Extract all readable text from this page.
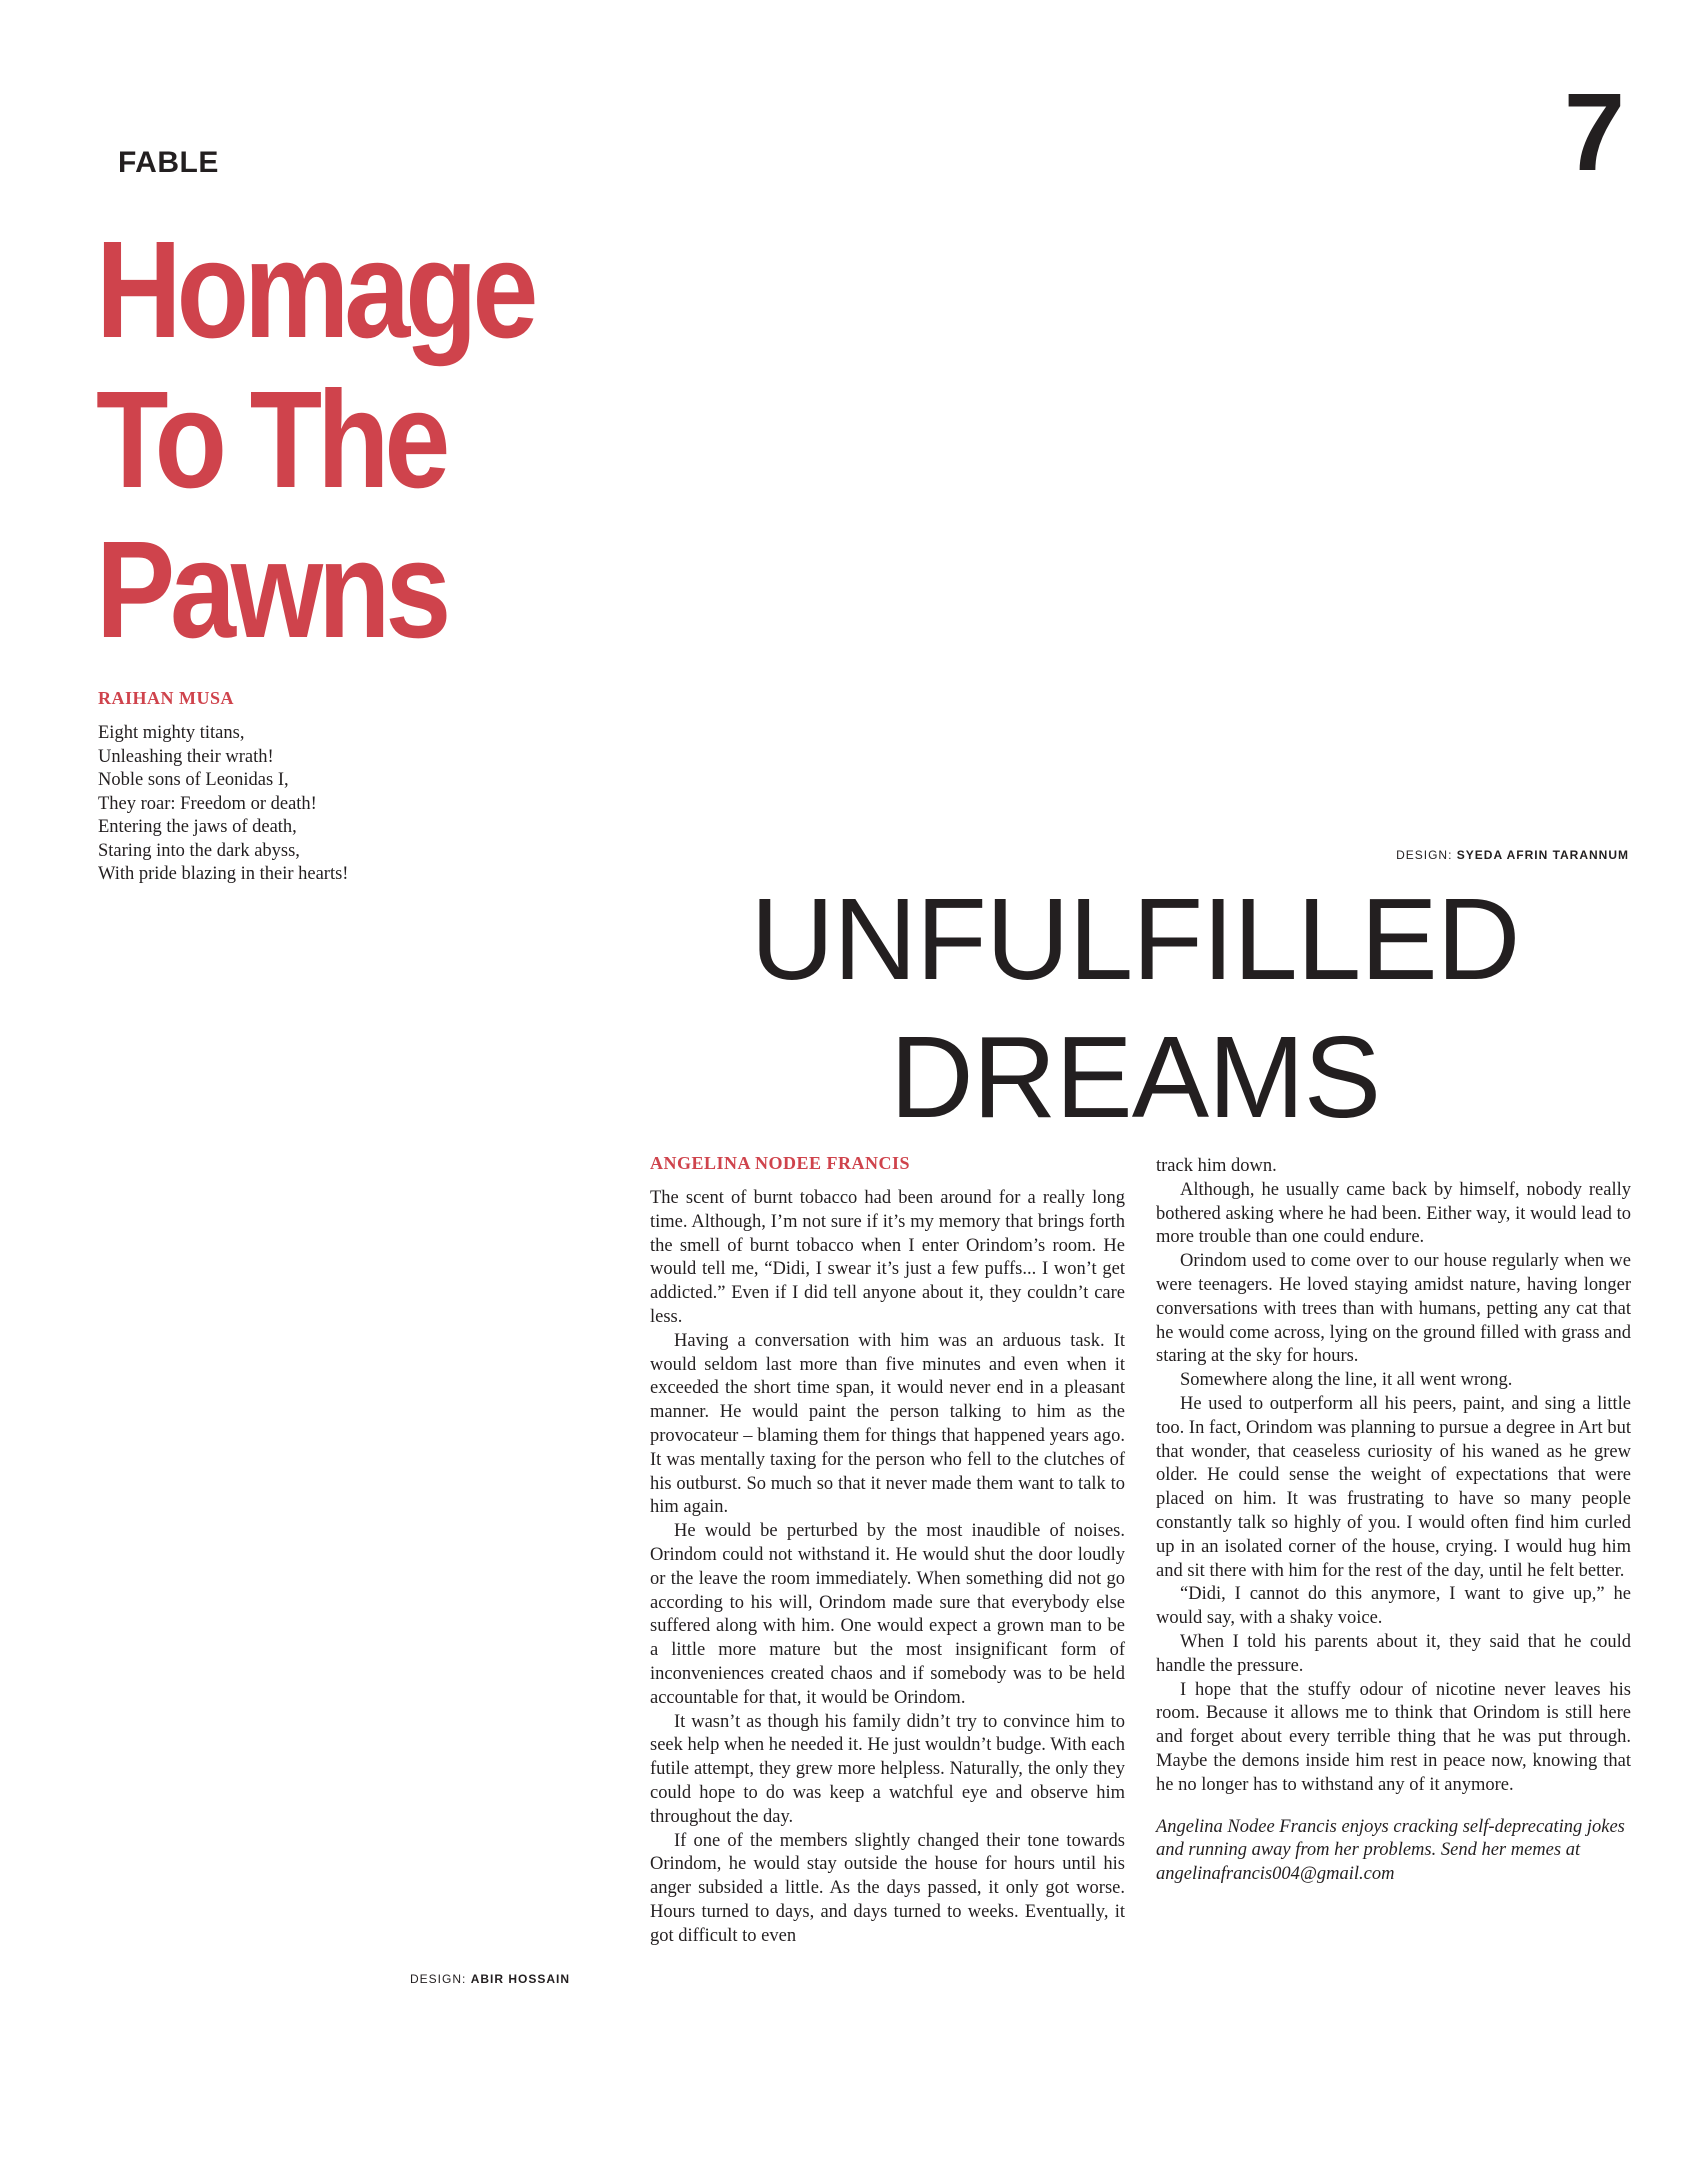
FABLE	7
Homage
To The
Pawns
RAIHAN MUSA
Eight mighty titans,
Unleashing their wrath!
Noble sons of Leonidas I,
They roar: Freedom or death!
Entering the jaws of death,
Staring into the dark abyss,
With pride blazing in their hearts!
DESIGN: SYEDA AFRIN TARANNUM
UNFULFILLED
DREAMS
ANGELINA NODEE FRANCIS

The scent of burnt tobacco had been around for a really long time. Although, I’m not sure if it’s my memory that brings forth the smell of burnt tobacco when I enter Orindom’s room. He would tell me, “Didi, I swear it’s just a few puffs... I won’t get addicted.” Even if I did tell anyone about it, they couldn’t care less.

Having a conversation with him was an arduous task. It would seldom last more than five minutes and even when it exceeded the short time span, it would never end in a pleasant manner. He would paint the person talking to him as the provocateur – blaming them for things that happened years ago. It was mentally taxing for the person who fell to the clutches of his outburst. So much so that it never made them want to talk to him again.

He would be perturbed by the most inaudible of noises. Orindom could not withstand it. He would shut the door loudly or the leave the room immediately. When something did not go according to his will, Orindom made sure that everybody else suffered along with him. One would expect a grown man to be a little more mature but the most insignificant form of inconveniences created chaos and if somebody was to be held accountable for that, it would be Orindom.

It wasn’t as though his family didn’t try to convince him to seek help when he needed it. He just wouldn’t budge. With each futile attempt, they grew more helpless. Naturally, the only they could hope to do was keep a watchful eye and observe him throughout the day.

If one of the members slightly changed their tone towards Orindom, he would stay outside the house for hours until his anger subsided a little. As the days passed, it only got worse. Hours turned to days, and days turned to weeks. Eventually, it got difficult to even

track him down.

Although, he usually came back by himself, nobody really bothered asking where he had been. Either way, it would lead to more trouble than one could endure.

Orindom used to come over to our house regularly when we were teenagers. He loved staying amidst nature, having longer conversations with trees than with humans, petting any cat that he would come across, lying on the ground filled with grass and staring at the sky for hours.

Somewhere along the line, it all went wrong.

He used to outperform all his peers, paint, and sing a little too. In fact, Orindom was planning to pursue a degree in Art but that wonder, that ceaseless curiosity of his waned as he grew older. He could sense the weight of expectations that were placed on him. It was frustrating to have so many people constantly talk so highly of you. I would often find him curled up in an isolated corner of the house, crying. I would hug him and sit there with him for the rest of the day, until he felt better.

“Didi, I cannot do this anymore, I want to give up,” he would say, with a shaky voice.

When I told his parents about it, they said that he could handle the pressure.

I hope that the stuffy odour of nicotine never leaves his room. Because it allows me to think that Orindom is still here and forget about every terrible thing that he was put through. Maybe the demons inside him rest in peace now, knowing that he no longer has to withstand any of it anymore.

Angelina Nodee Francis enjoys cracking self-deprecating jokes and running away from her problems. Send her memes at angelinafrancis004@gmail.com

DESIGN: ABIR HOSSAIN
